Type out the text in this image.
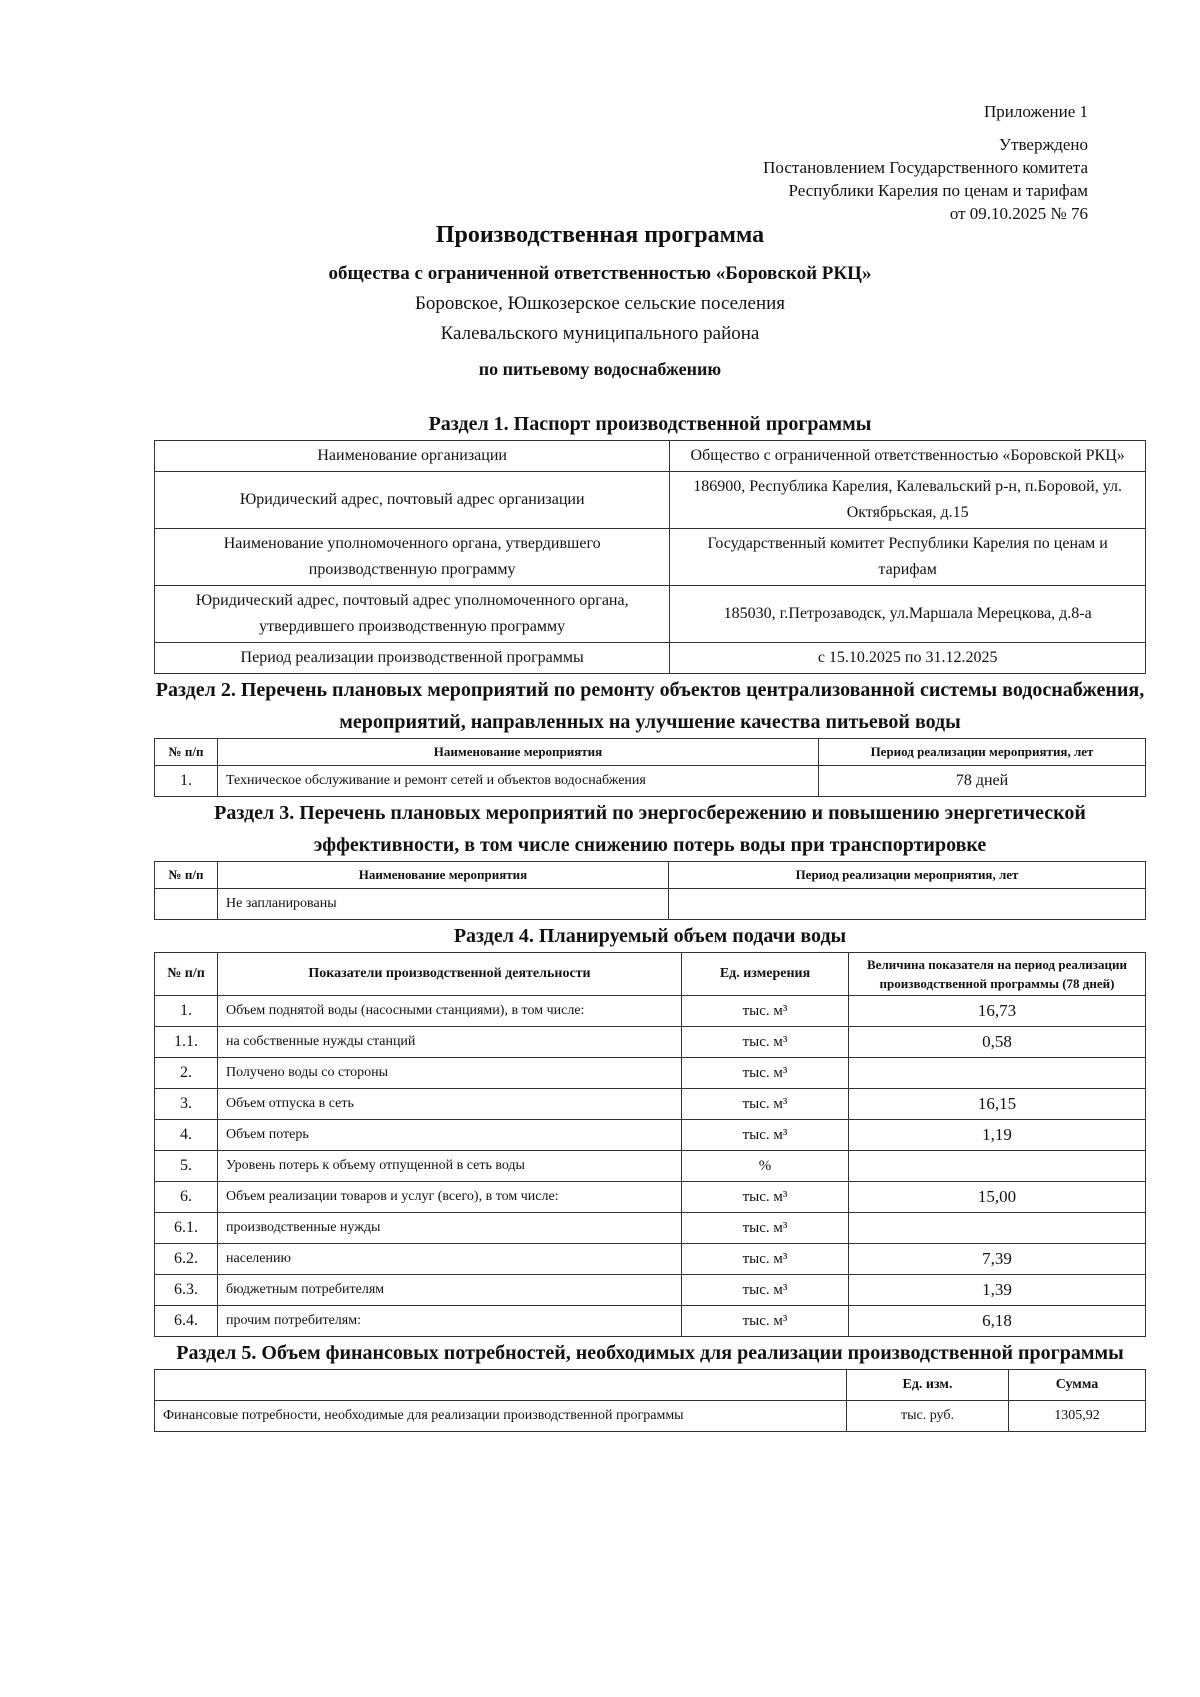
Приложение 1
Утверждено
Постановлением Государственного комитета
Республики Карелия по ценам и тарифам
от 09.10.2025 № 76
Производственная программа
общества с ограниченной ответственностью «Боровской РКЦ»
Боровское, Юшкозерское сельские поселения
Калевальского муниципального района
по питьевому водоснабжению
Раздел 1. Паспорт производственной программы
Наименование организации	Общество с ограниченной ответственностью «Боровской РКЦ»
Юридический адрес, почтовый адрес организации	186900, Республика Карелия, Калевальский р-н, п.Боровой, ул. Октябрьская, д.15
Наименование уполномоченного органа, утвердившего производственную программу	Государственный комитет Республики Карелия по ценам и тарифам
Юридический адрес, почтовый адрес уполномоченного органа, утвердившего производственную программу	185030, г.Петрозаводск, ул.Маршала Мерецкова, д.8-а
Период реализации производственной программы	с 15.10.2025 по 31.12.2025
Раздел 2. Перечень плановых мероприятий по ремонту объектов централизованной системы водоснабжения, мероприятий, направленных на улучшение качества питьевой воды
№ п/п	Наименование мероприятия	Период реализации мероприятия, лет
1.	Техническое обслуживание и ремонт сетей и объектов водоснабжения	78 дней
Раздел 3. Перечень плановых мероприятий по энергосбережению и повышению энергетической эффективности, в том числе снижению потерь воды при транспортировке
№ п/п	Наименование мероприятия	Период реализации мероприятия, лет
	Не запланированы	
Раздел 4. Планируемый объем подачи воды
№ п/п	Показатели производственной деятельности	Ед. измерения	Величина показателя на период реализации производственной программы (78 дней)
1.	Объем поднятой воды (насосными станциями), в том числе:	тыс. м³	16,73
1.1.	на собственные нужды станций	тыс. м³	0,58
2.	Получено воды со стороны	тыс. м³	
3.	Объем отпуска в сеть	тыс. м³	16,15
4.	Объем потерь	тыс. м³	1,19
5.	Уровень потерь к объему отпущенной в сеть воды	%	
6.	Объем реализации товаров и услуг (всего), в том числе:	тыс. м³	15,00
6.1.	производственные нужды	тыс. м³	
6.2.	населению	тыс. м³	7,39
6.3.	бюджетным потребителям	тыс. м³	1,39
6.4.	прочим потребителям:	тыс. м³	6,18
Раздел 5. Объем финансовых потребностей, необходимых для реализации производственной программы
	Ед. изм.	Сумма
Финансовые потребности, необходимые для реализации производственной программы	тыс. руб.	1305,92
